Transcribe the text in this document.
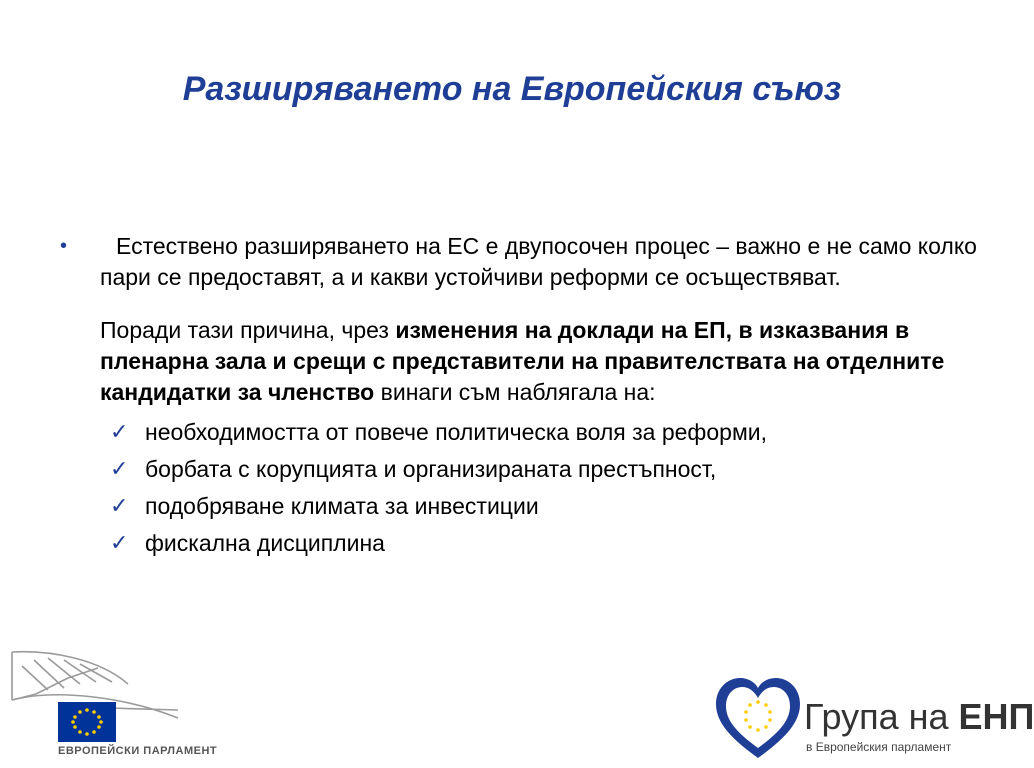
Разширяването на Европейския съюз

•	Естествено разширяването на ЕС е двупосочен процес – важно е не само колко пари се предоставят, а и какви устойчиви реформи се осъществяват.

Поради тази причина, чрез изменения на доклади на ЕП, в изказвания в пленарна зала и срещи с представители на правителствата на отделните кандидатки за членство винаги съм наблягала на:

✓ необходимостта от повече политическа воля за реформи,
✓ борбата с корупцията и организираната престъпност,
✓ подобряване климата за инвестиции
✓ фискална дисциплина
ЕВРОПЕЙСКИ ПАРЛАМЕНТ
Група на ЕНП
в Европейския парламент
